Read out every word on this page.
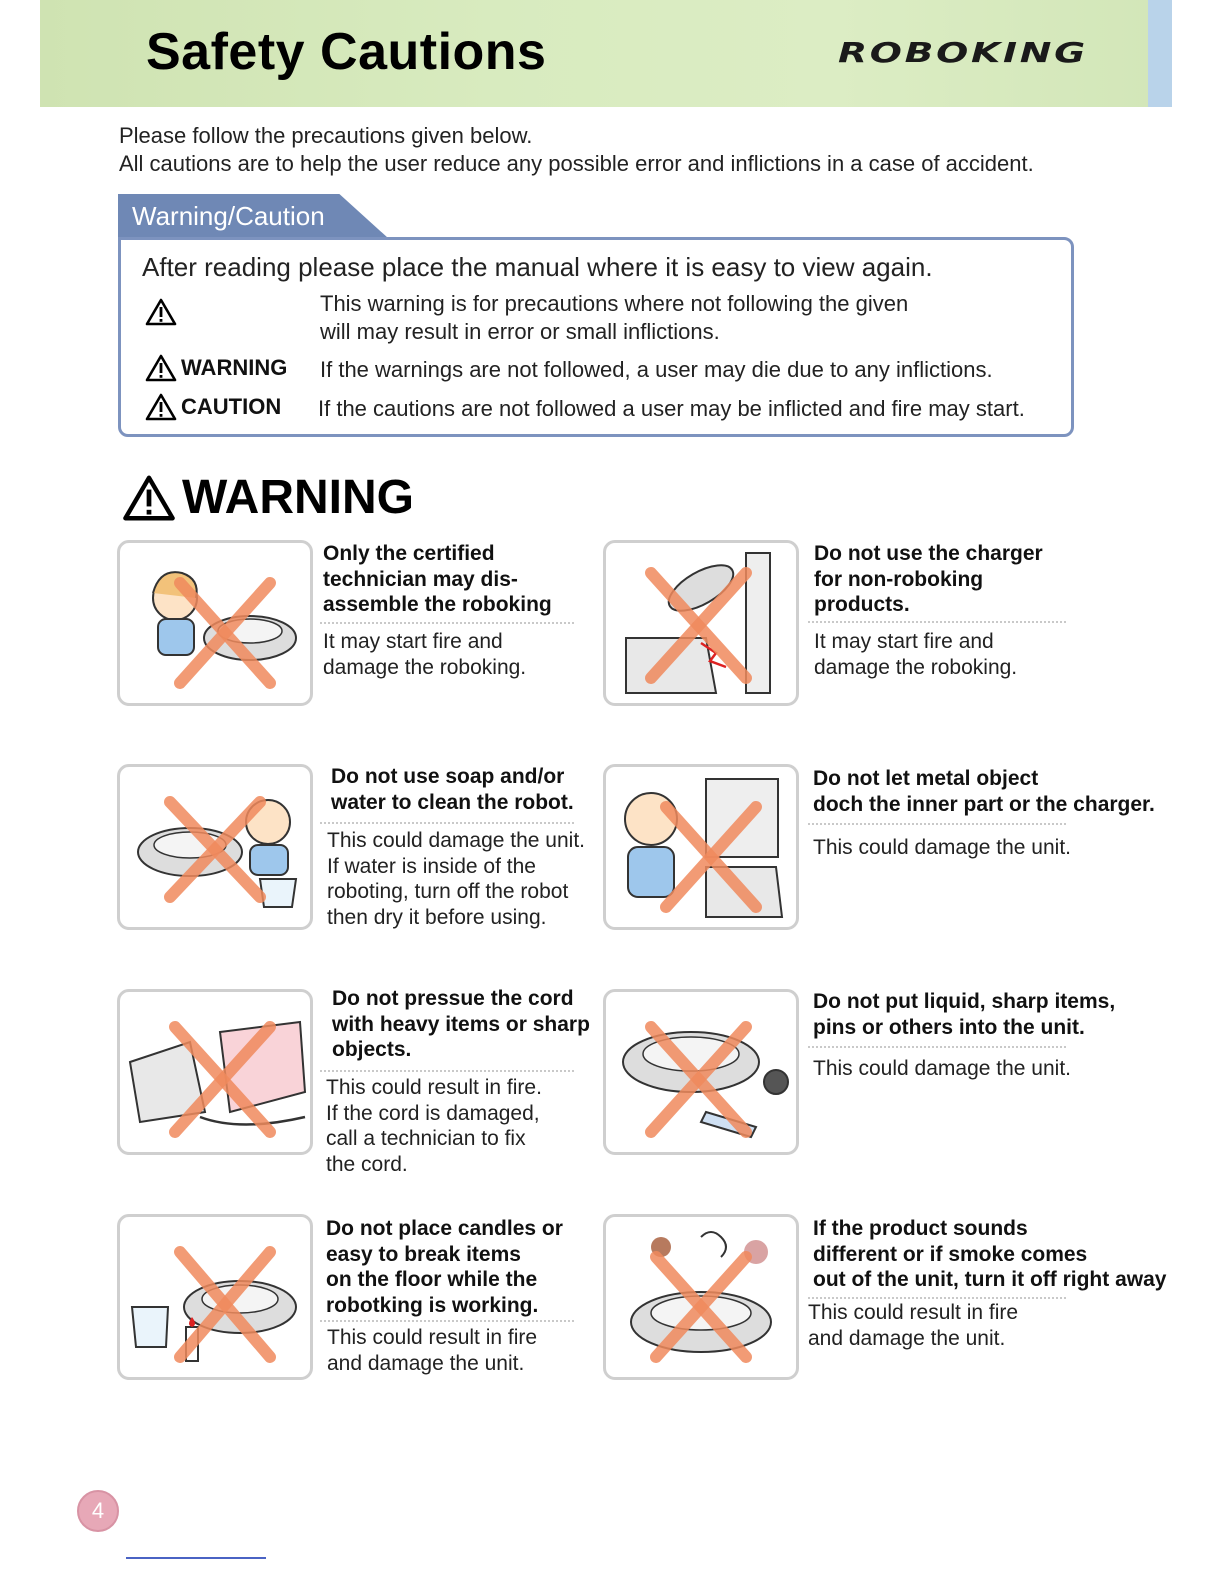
Safety Cautions	ROBOKING
Please follow the precautions given below.
All cautions are to help the user reduce any possible error and inflictions in a case of accident.
Warning/Caution
After reading please place the manual where it is easy to view again.
This warning is for precautions where not following the given
will may result in error or small inflictions.
WARNING If the warnings are not followed, a user may die due to any inflictions.
CAUTION If the cautions are not followed a user may be inflicted and fire may start.
WARNING
Only the certified
technician may dis-
assemble the roboking
It may start fire and
damage the roboking.
Do not use the charger
for non-roboking
products.
It may start fire and
damage the roboking.
Do not use soap and/or
water to clean the robot.
This could damage the unit.
If water is inside of the
roboting, turn off the robot
then dry it before using.
Do not let metal object
doch the inner part or the charger.
This could damage the unit.
Do not pressue the cord
with heavy items or sharp
objects.
This could result in fire.
If the cord is damaged,
call a technician to fix
the cord.
Do not put liquid, sharp items,
pins or others into the unit.
This could damage the unit.
Do not place candles or
easy to break items
on the floor while the
robotking is working.
This could result in fire
and damage the unit.
If the product sounds
different or if smoke comes
out of the unit, turn it off right away
This could result in fire
and damage the unit.
4
